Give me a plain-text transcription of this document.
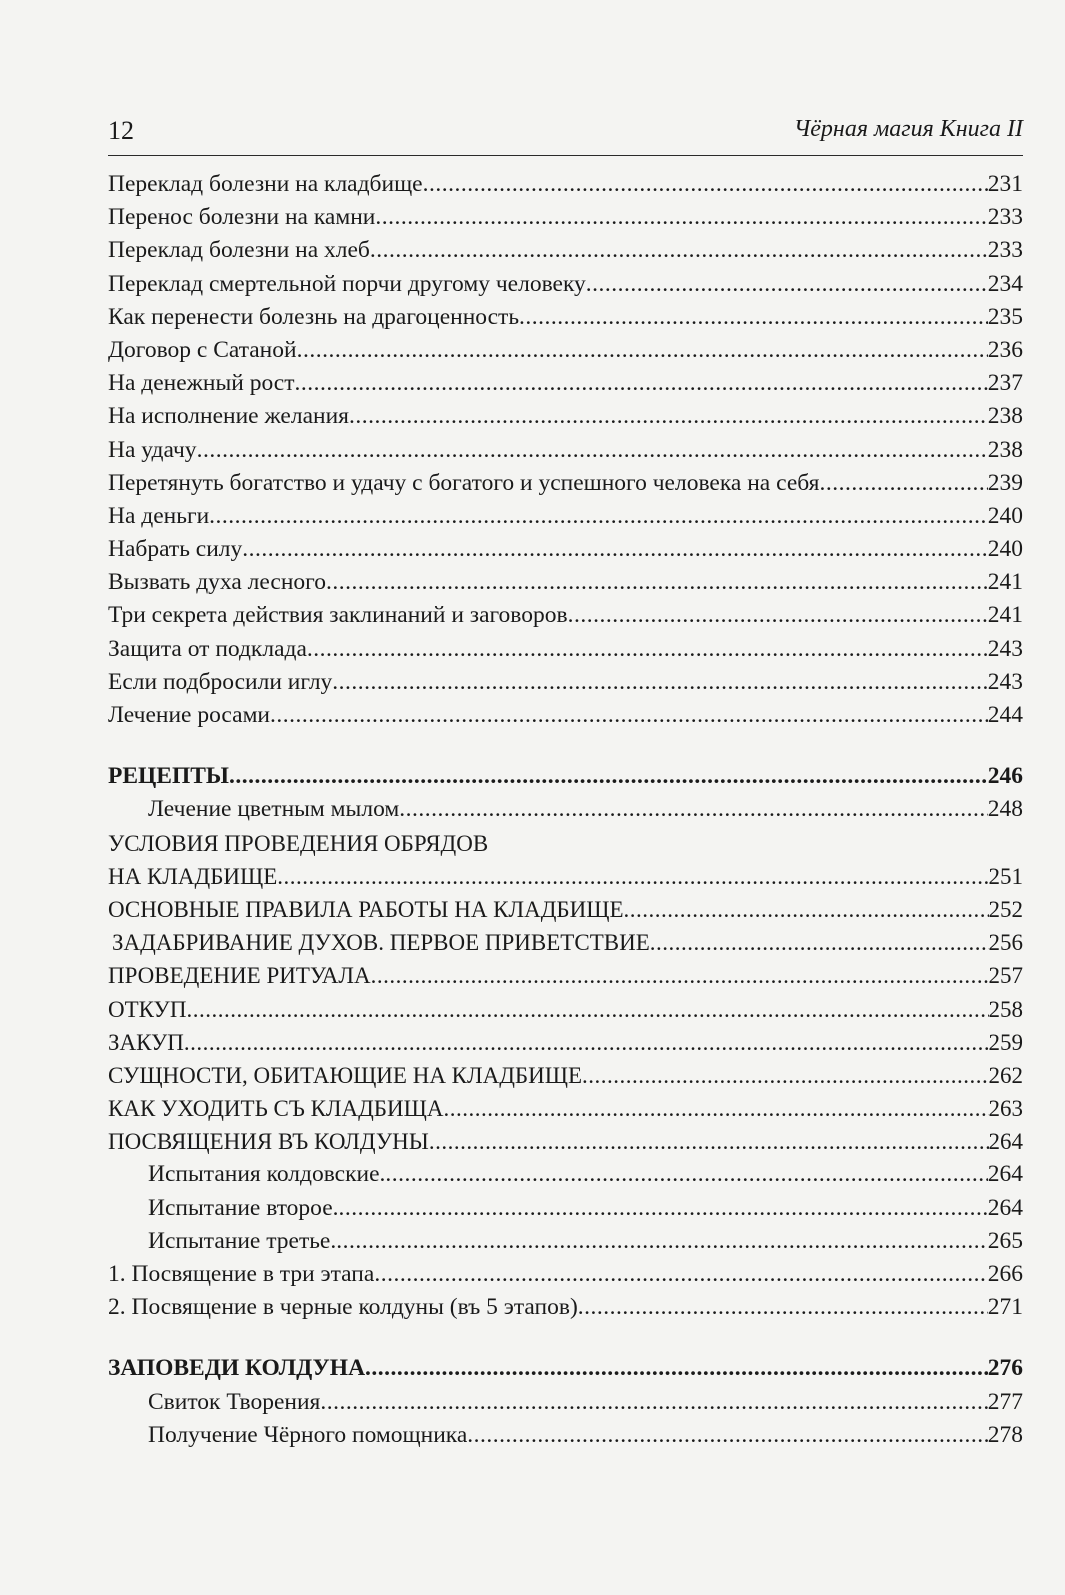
12	Чёрная магия Книга II
Переклад болезни на кладбище .....	231
Перенос болезни на камни .....	233
Переклад болезни на хлеб .....	233
Переклад смертельной порчи другому человеку .....	234
Как перенести болезнь на драгоценность .....	235
Договор с Сатаной .....	236
На денежный рост .....	237
На исполнение желания .....	238
На удачу .....	238
Перетянуть богатство и удачу с богатого и успешного человека на себя .....	239
На деньги .....	240
Набрать силу .....	240
Вызвать духа лесного .....	241
Три секрета действия заклинаний и заговоров .....	241
Защита от подклада .....	243
Если подбросили иглу .....	243
Лечение росами .....	244
РЕЦЕПТЫ .....	246
Лечение цветным мылом .....	248
УСЛОВИЯ ПРОВЕДЕНИЯ ОБРЯДОВ
НА КЛАДБИЩЕ .....	251
ОСНОВНЫЕ ПРАВИЛА РАБОТЫ НА КЛАДБИЩЕ .....	252
ЗАДАБРИВАНИЕ ДУХОВ. ПЕРВОЕ ПРИВЕТСТВИЕ .....	256
ПРОВЕДЕНИЕ РИТУАЛА .....	257
ОТКУП .....	258
ЗАКУП .....	259
СУЩНОСТИ, ОБИТАЮЩИЕ НА КЛАДБИЩЕ .....	262
КАК УХОДИТЬ СЪ КЛАДБИЩА .....	263
ПОСВЯЩЕНИЯ ВЪ КОЛДУНЫ .....	264
Испытания колдовские. .....	264
Испытание второе. .....	264
Испытание третье. .....	265
1. Посвящение в три этапа .....	266
2. Посвящение в черные колдуны (въ 5 этапов) .....	271
ЗАПОВЕДИ КОЛДУНА .....	276
Свиток Творения .....	277
Получение Чёрного помощника .....	278
